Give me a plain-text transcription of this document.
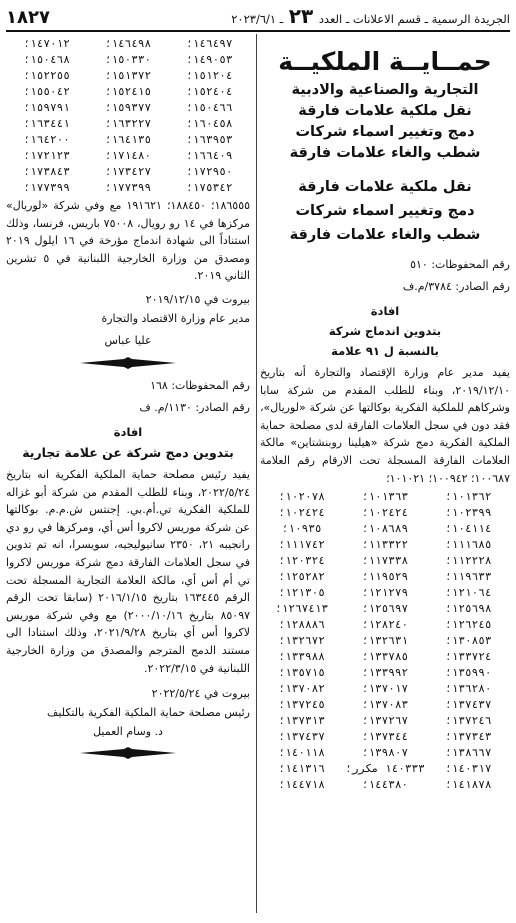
الجريدة الرسمية ـ قسم الاعلانات ـ العدد ٢٣ ـ ٢٠٢٣/٦/١
١٨٢٧
حمــايــة الملكيــة
التجارية والصناعية والادبية
نقل ملكية علامات فارقة
دمج وتغيير اسماء شركات
شطب والغاء علامات فارقة
نقل ملكية علامات فارقة
دمج وتغيير اسماء شركات
شطب والغاء علامات فارقة
رقم المحفوظات: ٥١٠
رقم الصادر: ٣٧٨٤/م.ف
افادة
بتدوين اندماج شركة
بالنسبة ل ٩١ علامة
يفيد مدير عام وزارة الإقتصاد والتجارة أنه بتاريخ ٢٠١٩/١٢/١٠، وبناء للطلب المقدم من شركة سابا وشركاهم للملكية الفكرية بوكالتها عن شركة «لوريال»، فقد دون في سجل العلامات الفارقة لدى مصلحة حماية الملكية الفكرية دمج شركة «هيلينا روبنشتاين» مالكة العلامات الفارقة المسجلة تحت الارقام رقم العلامة ١٠٠٦٨٧؛ ١٠٠٩٤٢؛ ١٠١٠٢١؛
١٠١٣٦٢؛
١٠١٣٦٣؛
١٠٢٠٧٨؛
١٠٢٣٩٩؛
١٠٢٤٢٤؛
١٠٢٤٢٤؛
١٠٤١١٤؛
١٠٨٦٨٩؛
١٠٩٣٥؛
١١١٦٨٥؛
١١٣٣٢٢؛
١١١٧٤٢؛
١١٢٢٢٨؛
١١٧٣٣٨؛
١٢٠٣٢٤؛
١١٩٦٣٣؛
١١٩٥٢٩؛
١٢٥٢٨٢؛
١٢١٠٦٤؛
١٢١٢٧٩؛
١٢١٣٠٥؛
١٢٥٦٩٨؛
١٢٥٦٩٧؛
١٢٦٧٤١٣؛
١٢٦٢٤٥؛
١٢٨٢٤٠؛
١٢٨٨٨٦؛
١٣٠٨٥٣؛
١٣٢٦٣١؛
١٣٢٦٧٢؛
١٣٣٧٢٤؛
١٣٣٧٨٥؛
١٣٣٩٨٨؛
١٣٥٩٩٠؛
١٣٣٩٩٢؛
١٣٥٧١٥؛
١٣٦٢٨٠؛
١٣٧٠١٧؛
١٣٧٠٨٢؛
١٣٧٤٣٧؛
١٣٧٠٨٣؛
١٣٧٢٤٥؛
١٣٧٢٤٦؛
١٣٧٢٦٧؛
١٣٧٣١٣؛
١٣٧٣٤٣؛
١٣٧٣٤٤؛
١٣٧٤٣٧؛
١٣٨٦٦٧؛
١٣٩٨٠٧؛
١٤٠١١٨؛
١٤٠٣١٧؛
١٤٠٣٣٣ مكرر؛
١٤١٣١٦؛
١٤١٨٧٨؛
١٤٤٣٨٠؛
١٤٤٧١٨؛
١٤٦٤٩٧؛
١٤٦٤٩٨؛
١٤٧٠١٢؛
١٤٩٠٥٣؛
١٥٠٣٣٠؛
١٥٠٤٦٨؛
١٥١٢٠٤؛
١٥١٣٧٢؛
١٥٢٢٥٥؛
١٥٢٤٠٤؛
١٥٢٤١٥؛
١٥٥٠٤٢؛
١٥٠٤٦٦؛
١٥٩٣٧٧؛
١٥٩٧٩١؛
١٦٠٤٥٨؛
١٦٣٢٢٧؛
١٦٣٤٤١؛
١٦٣٩٥٣؛
١٦٤١٣٥؛
١٦٤٢٠٠؛
١٦٦٤٠٩؛
١٧١٤٨٠؛
١٧٢١٢٣؛
١٧٢٩٥٠؛
١٧٣٤٢٧؛
١٧٣٨٤٣؛
١٧٥٣٤٢؛
١٧٧٣٩٩؛
١٧٧٣٩٩؛
١٨٦٥٥٥؛ ١٨٨٤٥٠؛ ١٩١٦٢١ مع وفي شركة «لوريال» مركزها في ١٤ رو رويال، ٧٥٠٠٨ باريس، فرنسا، وذلك استناداً الى شهادة اندماج مؤرخة في ١٦ ايلول ٢٠١٩ ومصدق من وزارة الخارجية اللبنانية في ٥ تشرين الثاني ٢٠١٩.
بيروت في ٢٠١٩/١٢/١٥
مدير عام وزارة الاقتصاد والتجارة
عليا عباس
رقم المحفوظات: ١٦٨
رقم الصادر: ١١٣٠/م. ف
افادة
بتدوين دمج شركة عن علامة تجارية
يفيد رئيس مصلحة حماية الملكية الفكرية انه بتاريخ ٢٠٢٢/٥/٢٤، وبناء للطلب المقدم من شركة أبو غزاله للملكية الفكرية تي.أم.بي. إجنتس ش.م.م. بوكالتها عن شركة موريس لاكروا أس أي، ومركزها في رو دي رانجيبه ٢١، ٢٣٥٠ سانيوليجيه، سويسرا، انه تم تدوين في سجل العلامات الفارقة دمج شركة موريس لاكروا تي أم أس أي، مالكة العلامة التجارية المسجلة تحت الرقم ١٦٣٤٤٥ بتاريخ ٢٠١٦/١/١٥ (سابقا تحت الرقم ٨٥٠٩٧ بتاريخ ٢٠٠٠/١٠/١٦) مع وفي شركة موريس لاكروا أس أي بتاريخ ٢٠٢١/٩/٢٨، وذلك استنادا الى مستند الدمج المترجم والمصدق من وزارة الخارجية اللبنانية في ٢٠٢٢/٣/١٥.
بيروت في ٢٠٢٢/٥/٢٤
رئيس مصلحة حماية الملكية الفكرية بالتكليف
د. وسام العميل
